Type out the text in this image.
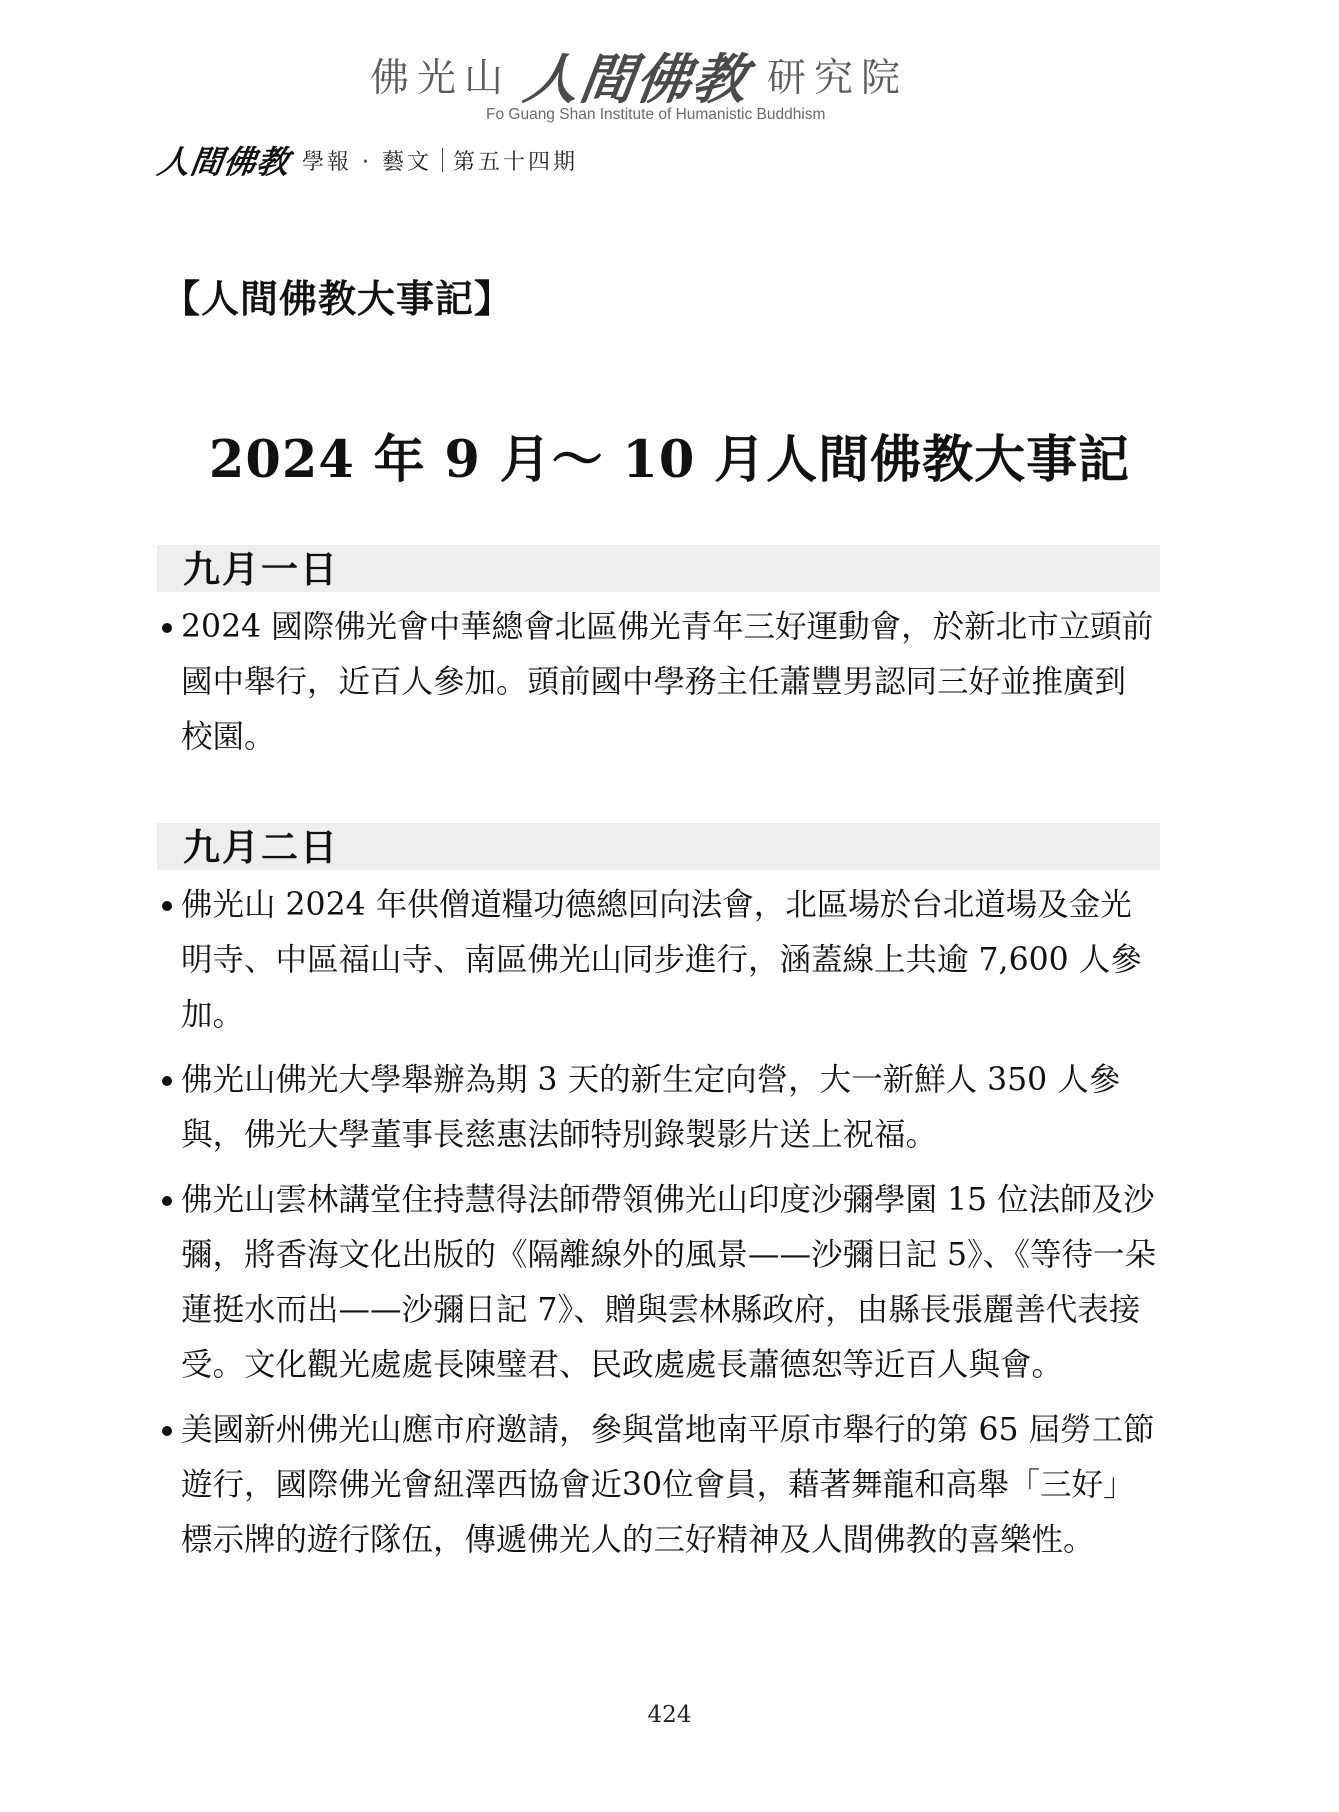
佛光山 人間佛教 研究院
Fo Guang Shan Institute of Humanistic Buddhism
人間佛教 學報 · 藝文 第五十四期
【人間佛教大事記】
2024 年 9 月～ 10 月人間佛教大事記
九月一日
2024 國際佛光會中華總會北區佛光青年三好運動會，於新北市立頭前國中舉行，近百人參加。頭前國中學務主任蕭豐男認同三好並推廣到校園。
九月二日
佛光山 2024 年供僧道糧功德總回向法會，北區場於台北道場及金光明寺、中區福山寺、南區佛光山同步進行，涵蓋線上共逾 7,600 人參加。
佛光山佛光大學舉辦為期 3 天的新生定向營，大一新鮮人 350 人參與，佛光大學董事長慈惠法師特別錄製影片送上祝福。
佛光山雲林講堂住持慧得法師帶領佛光山印度沙彌學園 15 位法師及沙彌，將香海文化出版的《隔離線外的風景——沙彌日記 5》、《等待一朵蓮挺水而出——沙彌日記 7》、贈與雲林縣政府，由縣長張麗善代表接受。文化觀光處處長陳璧君、民政處處長蕭德恕等近百人與會。
美國新州佛光山應市府邀請，參與當地南平原市舉行的第 65 屆勞工節遊行，國際佛光會紐澤西協會近30位會員，藉著舞龍和高舉「三好」標示牌的遊行隊伍，傳遞佛光人的三好精神及人間佛教的喜樂性。
424
